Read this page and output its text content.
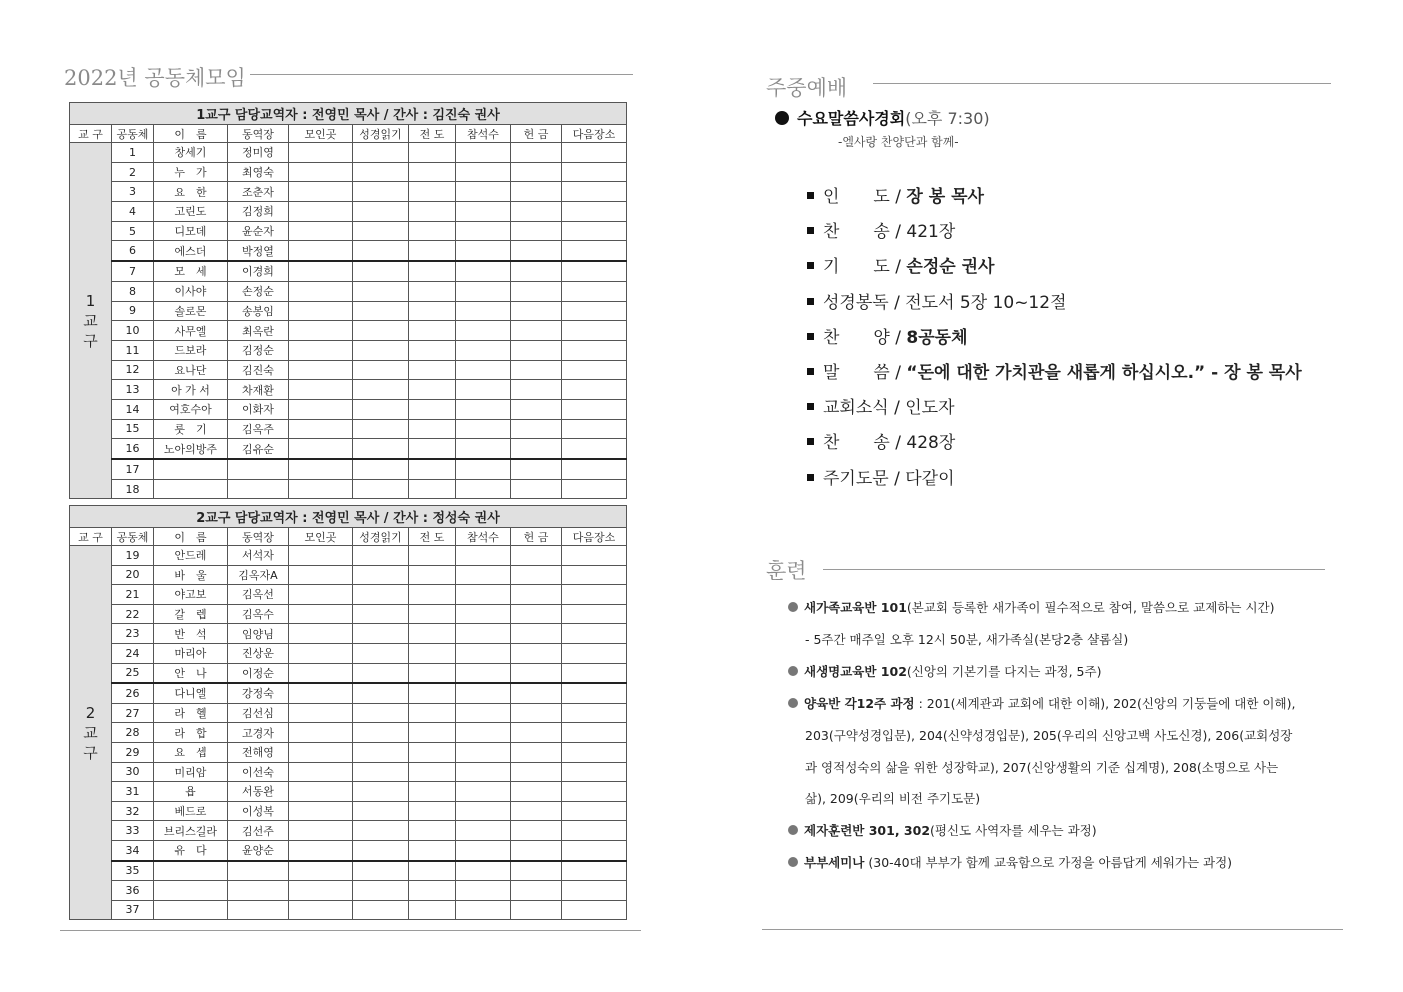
2022년 공동체모임
1교구 담당교역자 : 전영민 목사 / 간사 : 김진숙 권사									
교 구	공동체	이　름	동역장	모인곳	성경읽기	전 도	참석수	헌 금	다음장소

1
교
구	1	창세기	정미영						
	2	누　가	최영숙						
	3	요　한	조춘자						
	4	고린도	김정희						
	5	디모데	윤순자						
	6	에스더	박정열						
	7	모　세	이경희						
	8	이사야	손정순						
	9	솔로몬	송봉임						
	10	사무엘	최옥란						
	11	드보라	김정순						
	12	요나단	김진숙						
	13	아 가 서	차재환						
	14	여호수아	이화자						
	15	룻　기	김옥주						
	16	노아의방주	김유순						
	17								
	18								
2교구 담당교역자 : 전영민 목사 / 간사 : 정성숙 권사									
교 구	공동체	이　름	동역장	모인곳	성경읽기	전 도	참석수	헌 금	다음장소

2
교
구	19	안드레	서석자						
	20	바　울	김옥자A						
	21	야고보	김옥선						
	22	갈　렙	김옥수						
	23	반　석	임양님						
	24	마리아	진상운						
	25	안　나	이정순						
	26	다니엘	강정숙						
	27	라　헬	김선심						
	28	라　합	고경자						
	29	요　셉	전해영						
	30	미리암	이선숙						
	31	욥	서동완						
	32	베드로	이성복						
	33	브리스길라	김선주						
	34	유　다	윤양순						
	35								
	36								
	37								
주중예배
수요말씀사경회(오후 7:30)
-엘사랑 찬양단과 함께-
인　　도 / 장 봉 목사
찬　　송 / 421장
기　　도 / 손정순 권사
성경봉독 / 전도서 5장 10~12절
찬　　양 / 8공동체
말　　씀 / “돈에 대한 가치관을 새롭게 하십시오.” - 장 봉 목사
교회소식 / 인도자
찬　　송 / 428장
주기도문 / 다같이
훈련
새가족교육반 101(본교회 등록한 새가족이 필수적으로 참여, 말씀으로 교제하는 시간)
- 5주간 매주일 오후 12시 50분, 새가족실(본당2층 샬롬실)
새생명교육반 102(신앙의 기본기를 다지는 과정, 5주)
양육반 각12주 과정 : 201(세계관과 교회에 대한 이해), 202(신앙의 기둥들에 대한 이해),
203(구약성경입문), 204(신약성경입문), 205(우리의 신앙고백 사도신경), 206(교회성장
과 영적성숙의 삶을 위한 성장학교), 207(신앙생활의 기준 십계명), 208(소명으로 사는
삶), 209(우리의 비전 주기도문)
제자훈련반 301, 302(평신도 사역자를 세우는 과정)
부부세미나 (30-40대 부부가 함께 교육함으로 가정을 아름답게 세워가는 과정)
